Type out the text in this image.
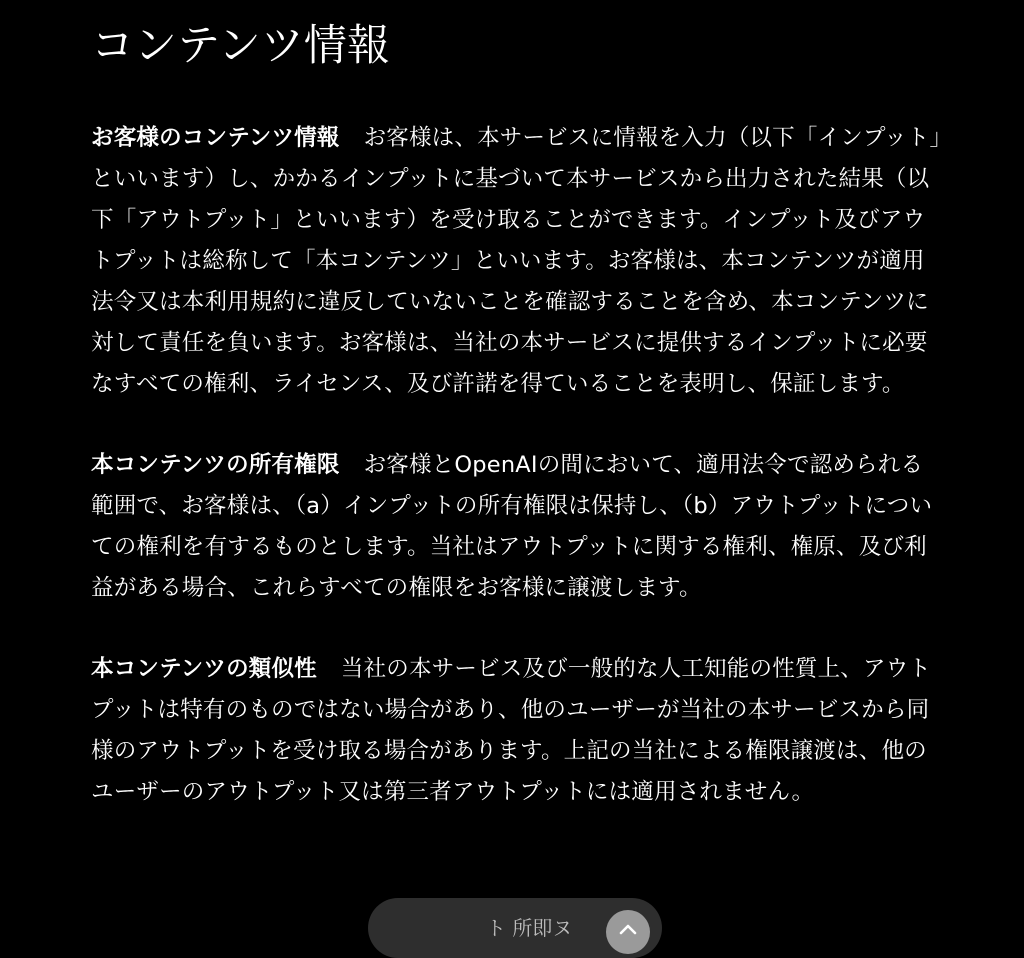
コンテンツ情報

お客様のコンテンツ情報 お客様は、本サービスに情報を入力（以下「インプット」といいます）し、かかるインプットに基づいて本サービスから出力された結果（以下「アウトプット」といいます）を受け取ることができます。インプット及びアウトプットは総称して「本コンテンツ」といいます。お客様は、本コンテンツが適用法令又は本利用規約に違反していないことを確認することを含め、本コンテンツに対して責任を負います。お客様は、当社の本サービスに提供するインプットに必要なすべての権利、ライセンス、及び許諾を得ていることを表明し、保証します。

本コンテンツの所有権限 お客様とOpenAIの間において、適用法令で認められる範囲で、お客様は、（a）インプットの所有権限は保持し、（b）アウトプットについての権利を有するものとします。当社はアウトプットに関する権利、権原、及び利益がある場合、これらすべての権限をお客様に譲渡します。

本コンテンツの類似性 当社の本サービス及び一般的な人工知能の性質上、アウトプットは特有のものではない場合があり、他のユーザーが当社の本サービスから同様のアウトプットを受け取る場合があります。上記の当社による権限譲渡は、他のユーザーのアウトプット又は第三者アウトプットには適用されません。

ト 所即ヌ
